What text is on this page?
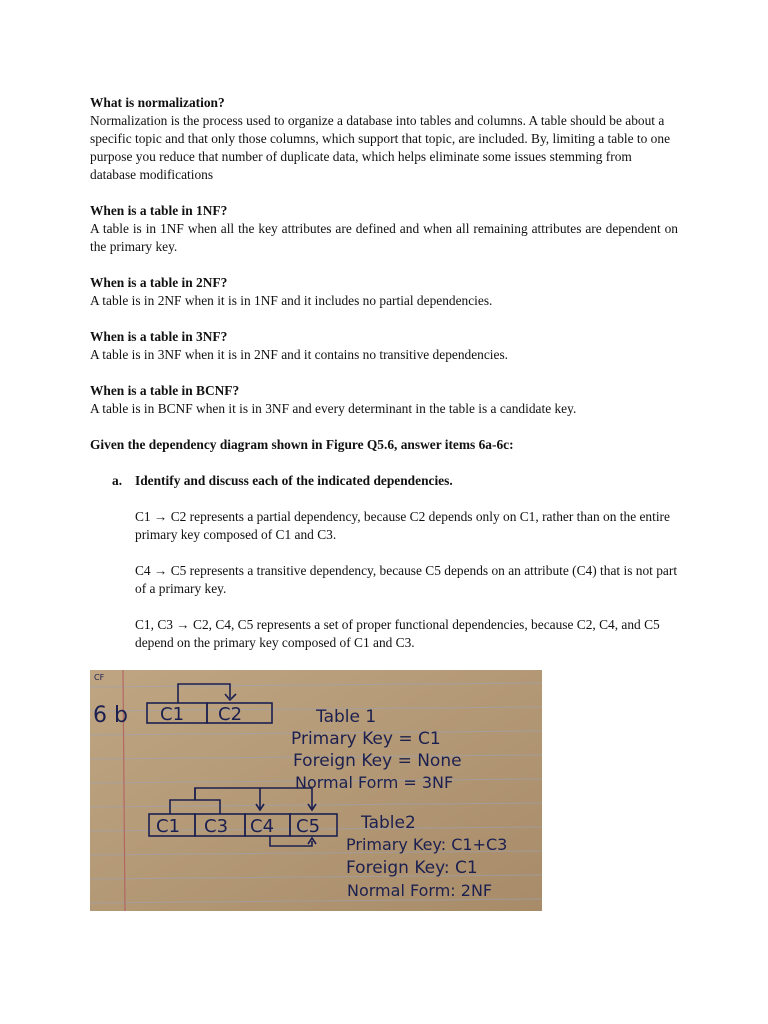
What is normalization?
Normalization is the process used to organize a database into tables and columns. A table should be about a specific topic and that only those columns, which support that topic, are included. By, limiting a table to one purpose you reduce that number of duplicate data, which helps eliminate some issues stemming from database modifications
When is a table in 1NF?
A table is in 1NF when all the key attributes are defined and when all remaining attributes are dependent on the primary key.
When is a table in 2NF?
A table is in 2NF when it is in 1NF and it includes no partial dependencies.
When is a table in 3NF?
A table is in 3NF when it is in 2NF and it contains no transitive dependencies.
When is a table in BCNF?
A table is in BCNF when it is in 3NF and every determinant in the table is a candidate key.
Given the dependency diagram shown in Figure Q5.6, answer items 6a-6c:
a. Identify and discuss each of the indicated dependencies.
C1 → C2 represents a partial dependency, because C2 depends only on C1, rather than on the entire primary key composed of C1 and C3.
C4 → C5 represents a transitive dependency, because C5 depends on an attribute (C4) that is not part of a primary key.
C1, C3 → C2, C4, C5 represents a set of proper functional dependencies, because C2, C4, and C5 depend on the primary key composed of C1 and C3.
CF
6 b C1 C2	Table 1
Primary Key = C1
Foreign Key = None
Normal Form = 3NF
C1 C3 C4 C5 Table2
Primary Key: C1+C3
Foreign Key: C1
Normal Form: 2NF
